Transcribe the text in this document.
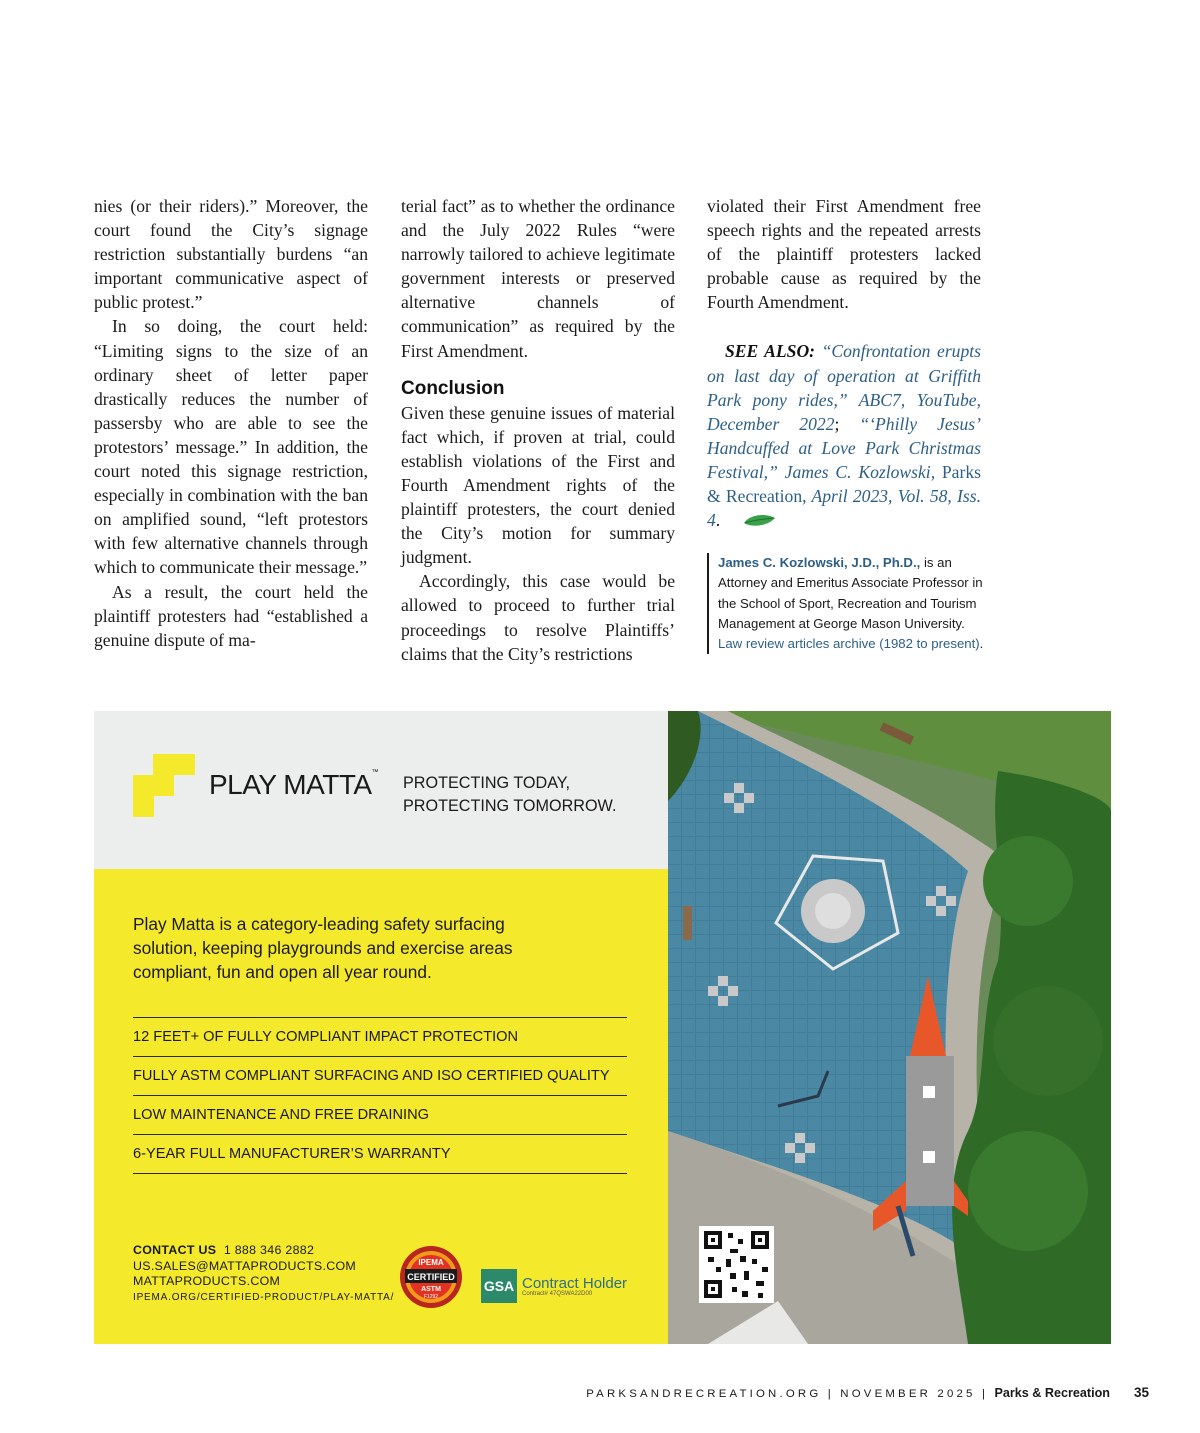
nies (or their riders).” Moreover, the court found the City’s signage restriction substantially burdens “an important communicative aspect of public protest.”

In so doing, the court held: “Limiting signs to the size of an ordinary sheet of letter paper drastically reduces the number of passersby who are able to see the protestors’ message.” In addition, the court noted this signage restriction, especially in combination with the ban on amplified sound, “left protestors with few alternative channels through which to communicate their message.”

As a result, the court held the plaintiff protesters had “established a genuine dispute of ma-

terial fact” as to whether the ordinance and the July 2022 Rules “were narrowly tailored to achieve legitimate government interests or preserved alternative channels of communication” as required by the First Amendment.

Conclusion

Given these genuine issues of material fact which, if proven at trial, could establish violations of the First and Fourth Amendment rights of the plaintiff protesters, the court denied the City’s motion for summary judgment.

Accordingly, this case would be allowed to proceed to further trial proceedings to resolve Plaintiffs’ claims that the City’s restrictions

violated their First Amendment free speech rights and the repeated arrests of the plaintiff protesters lacked probable cause as required by the Fourth Amendment.

SEE ALSO: “Confrontation erupts on last day of operation at Griffith Park pony rides,” ABC7, YouTube, December 2022; “‘Philly Jesus’ Handcuffed at Love Park Christmas Festival,” James C. Kozlowski, Parks & Recreation, April 2023, Vol. 58, Iss. 4.

James C. Kozlowski, J.D., Ph.D., is an Attorney and Emeritus Associate Professor in the School of Sport, Recreation and Tourism Management at George Mason University. Law review articles archive (1982 to present).
PLAY MATTA™
PROTECTING TODAY,
PROTECTING TOMORROW.
Play Matta is a category-leading safety surfacing solution, keeping playgrounds and exercise areas compliant, fun and open all year round.
12 FEET+ OF FULLY COMPLIANT IMPACT PROTECTION
FULLY ASTM COMPLIANT SURFACING AND ISO CERTIFIED QUALITY
LOW MAINTENANCE AND FREE DRAINING
6-YEAR FULL MANUFACTURER’S WARRANTY
CONTACT US 1 888 346 2882
US.SALES@MATTAPRODUCTS.COM
MATTAPRODUCTS.COM
IPEMA.ORG/CERTIFIED-PRODUCT/PLAY-MATTA/
IPEMA
CERTIFIED
ASTM
F1292
GSA Contract Holder
Contract# 47QSWA22D00
PARKSANDRECREATION.ORG | NOVEMBER 2025 | Parks & Recreation 35
